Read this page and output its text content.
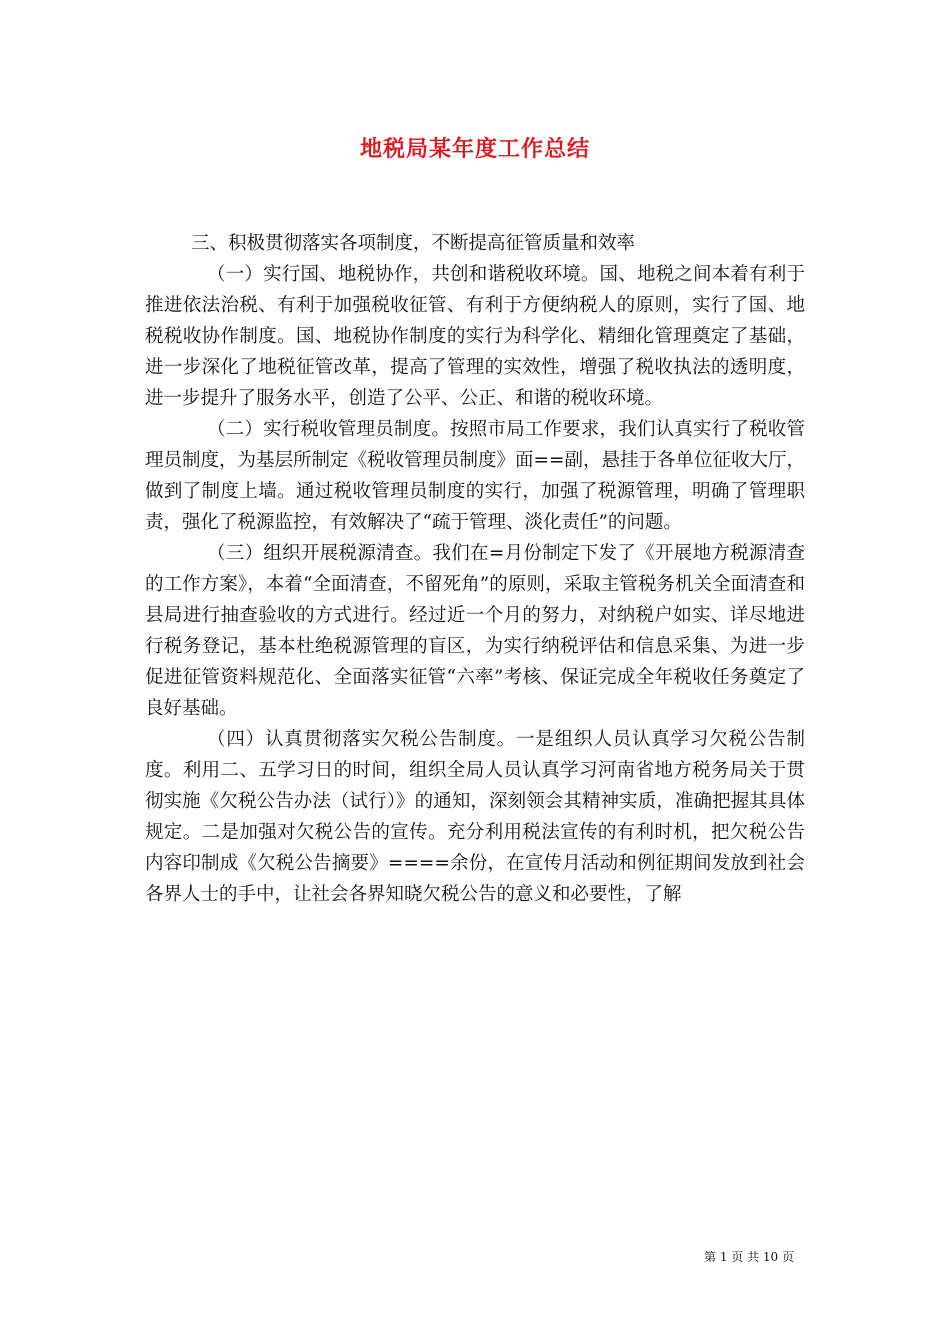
地税局某年度工作总结

三、积极贯彻落实各项制度，不断提高征管质量和效率

（一）实行国、地税协作，共创和谐税收环境。国、地税之间本着有利于推进依法治税、有利于加强税收征管、有利于方便纳税人的原则，实行了国、地税税收协作制度。国、地税协作制度的实行为科学化、精细化管理奠定了基础，进一步深化了地税征管改革，提高了管理的实效性，增强了税收执法的透明度，进一步提升了服务水平，创造了公平、公正、和谐的税收环境。

（二）实行税收管理员制度。按照市局工作要求，我们认真实行了税收管理员制度，为基层所制定《税收管理员制度》面==副，悬挂于各单位征收大厅，做到了制度上墙。通过税收管理员制度的实行，加强了税源管理，明确了管理职责，强化了税源监控，有效解决了“疏于管理、淡化责任”的问题。

（三）组织开展税源清查。我们在=月份制定下发了《开展地方税源清查的工作方案》，本着“全面清查，不留死角”的原则，采取主管税务机关全面清查和县局进行抽查验收的方式进行。经过近一个月的努力，对纳税户如实、详尽地进行税务登记，基本杜绝税源管理的盲区，为实行纳税评估和信息采集、为进一步促进征管资料规范化、全面落实征管“六率”考核、保证完成全年税收任务奠定了良好基础。

（四）认真贯彻落实欠税公告制度。一是组织人员认真学习欠税公告制度。利用二、五学习日的时间，组织全局人员认真学习河南省地方税务局关于贯彻实施《欠税公告办法（试行）》的通知，深刻领会其精神实质，准确把握其具体规定。二是加强对欠税公告的宣传。充分利用税法宣传的有利时机，把欠税公告内容印制成《欠税公告摘要》====余份，在宣传月活动和例征期间发放到社会各界人士的手中，让社会各界知晓欠税公告的意义和必要性，了解

第 1 页 共 10 页
